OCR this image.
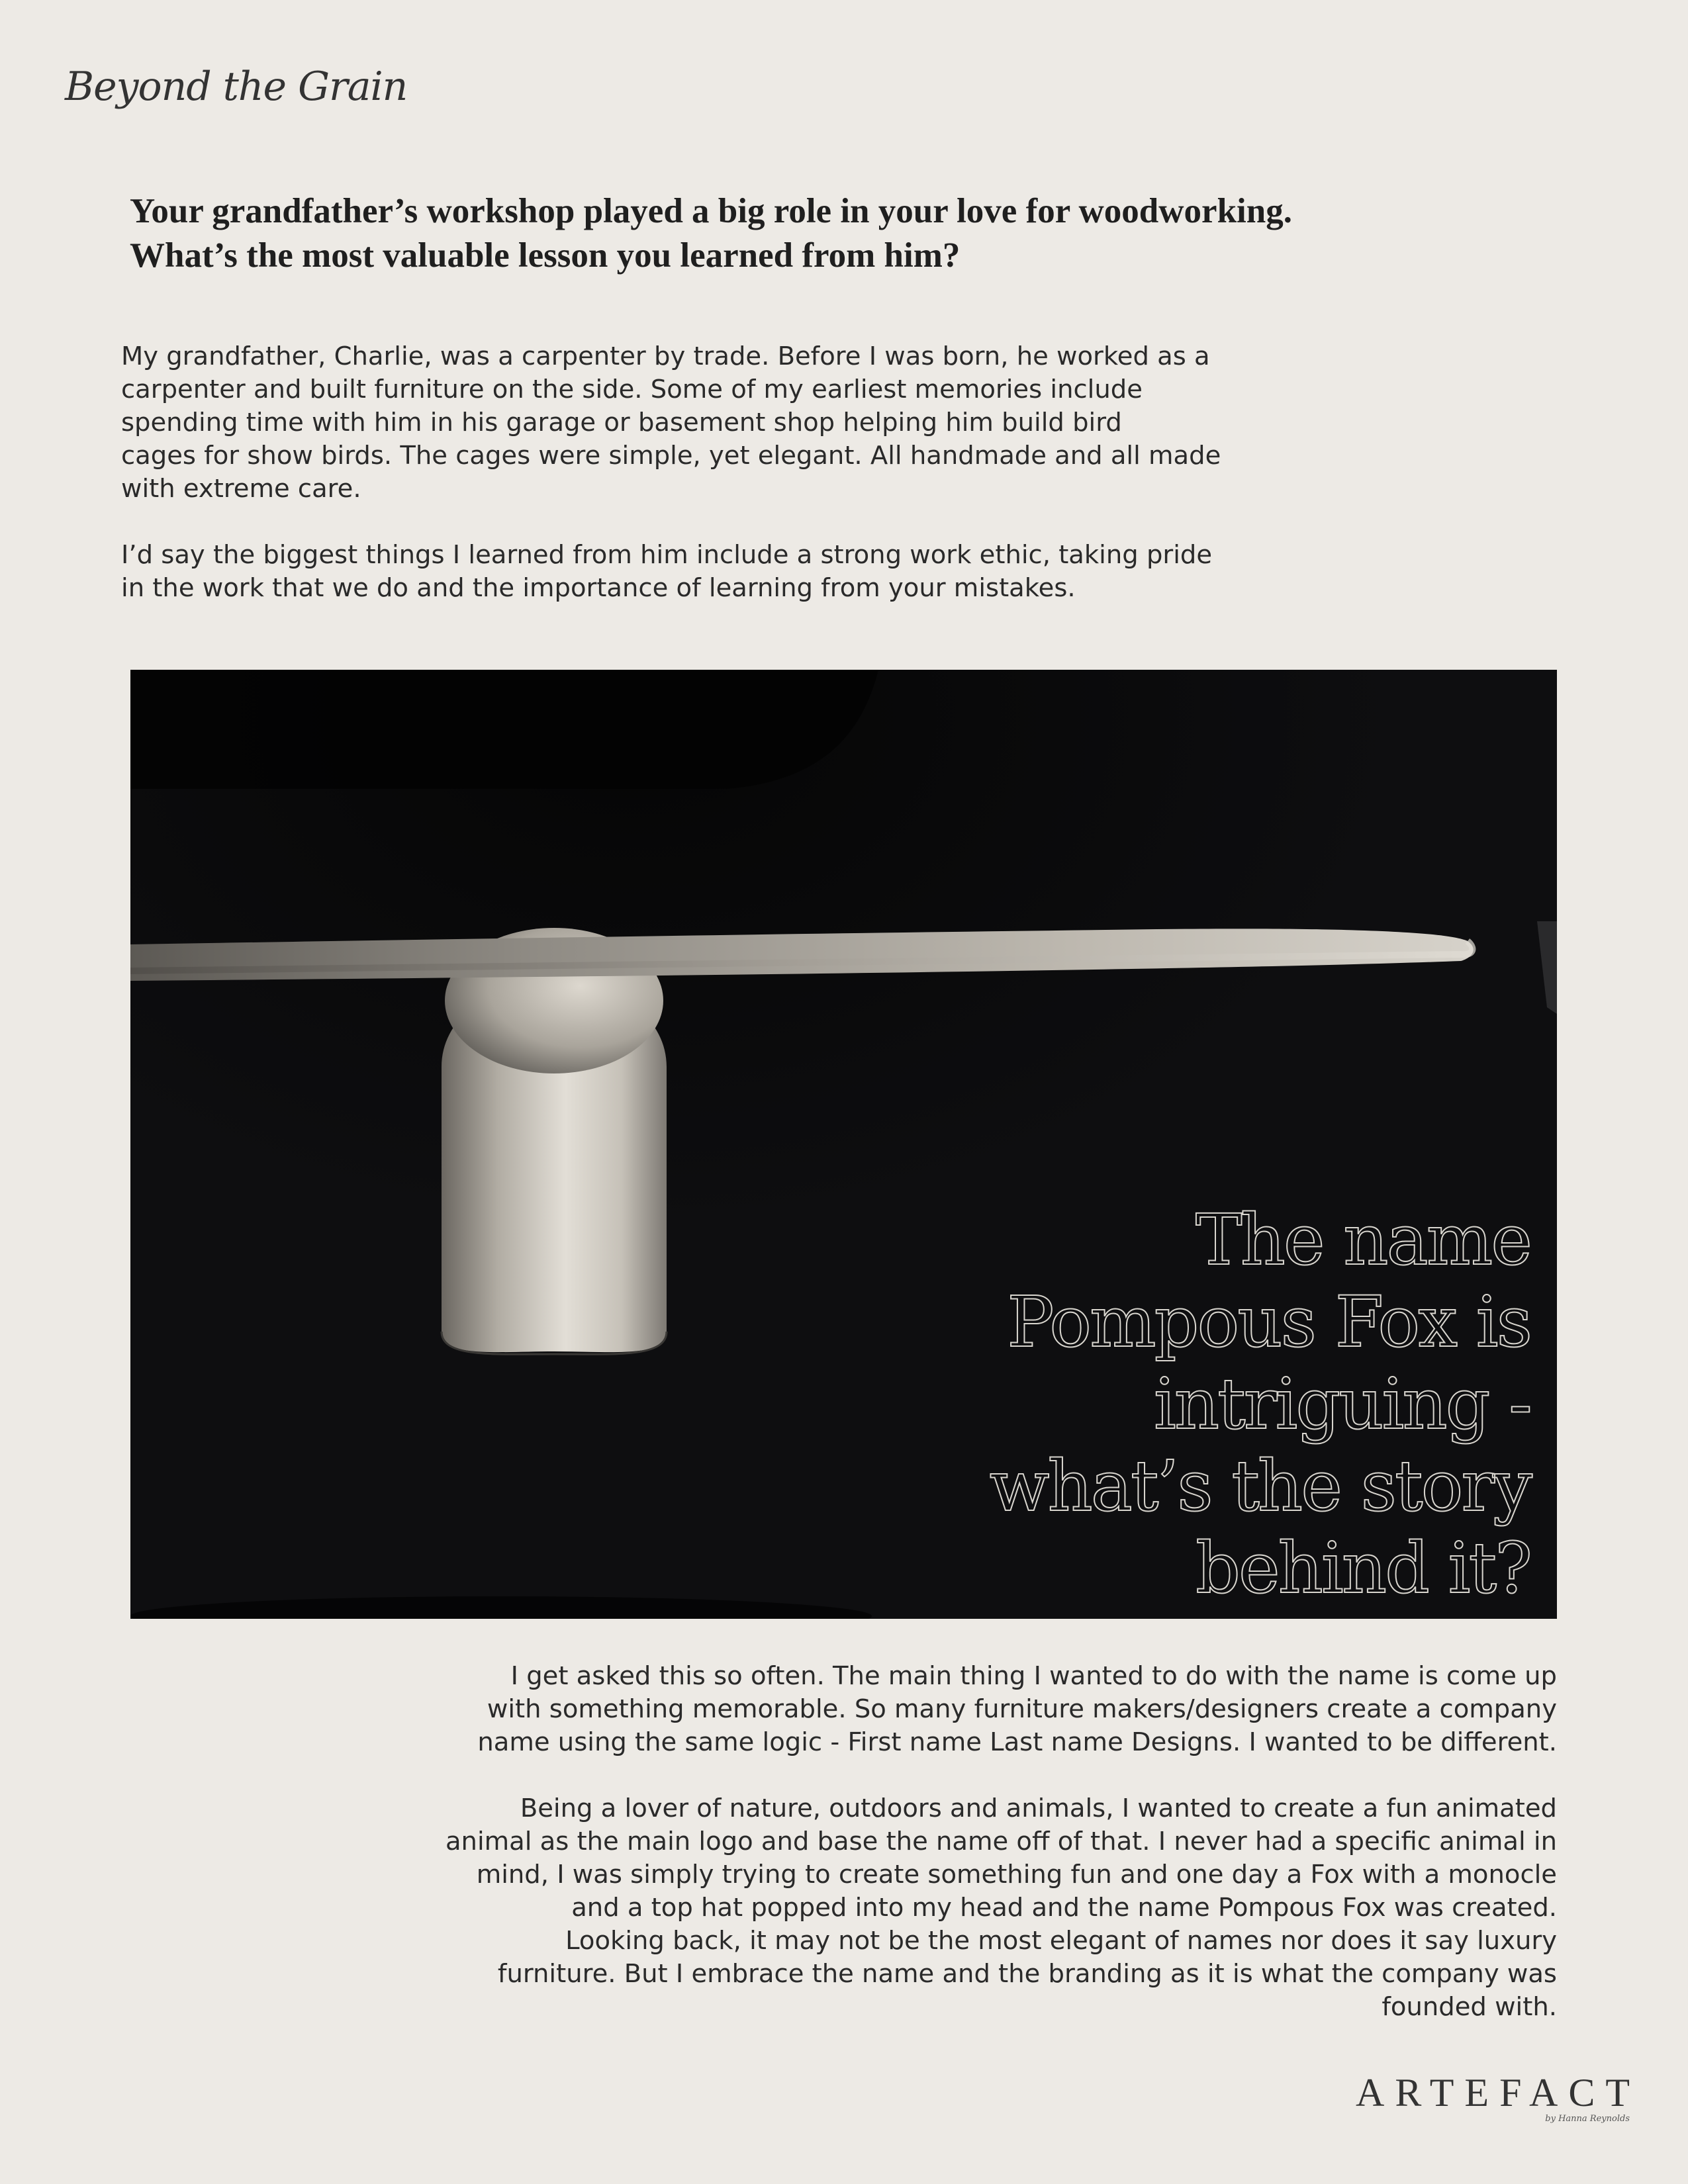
Beyond the Grain
Your grandfather’s workshop played a big role in your love for woodworking.
What’s the most valuable lesson you learned from him?

My grandfather, Charlie, was a carpenter by trade. Before I was born, he worked as a
carpenter and built furniture on the side. Some of my earliest memories include
spending time with him in his garage or basement shop helping him build bird
cages for show birds. The cages were simple, yet elegant. All handmade and all made
with extreme care.

I’d say the biggest things I learned from him include a strong work ethic, taking pride
in the work that we do and the importance of learning from your mistakes.

The name
Pompous Fox is
intriguing -
what’s the story
behind it?

I get asked this so often. The main thing I wanted to do with the name is come up
with something memorable. So many furniture makers/designers create a company
name using the same logic - First name Last name Designs. I wanted to be different.

Being a lover of nature, outdoors and animals, I wanted to create a fun animated
animal as the main logo and base the name off of that. I never had a specific animal in
mind, I was simply trying to create something fun and one day a Fox with a monocle
and a top hat popped into my head and the name Pompous Fox was created.
Looking back, it may not be the most elegant of names nor does it say luxury
furniture. But I embrace the name and the branding as it is what the company was
founded with.

ARTEFACT
by Hanna Reynolds
